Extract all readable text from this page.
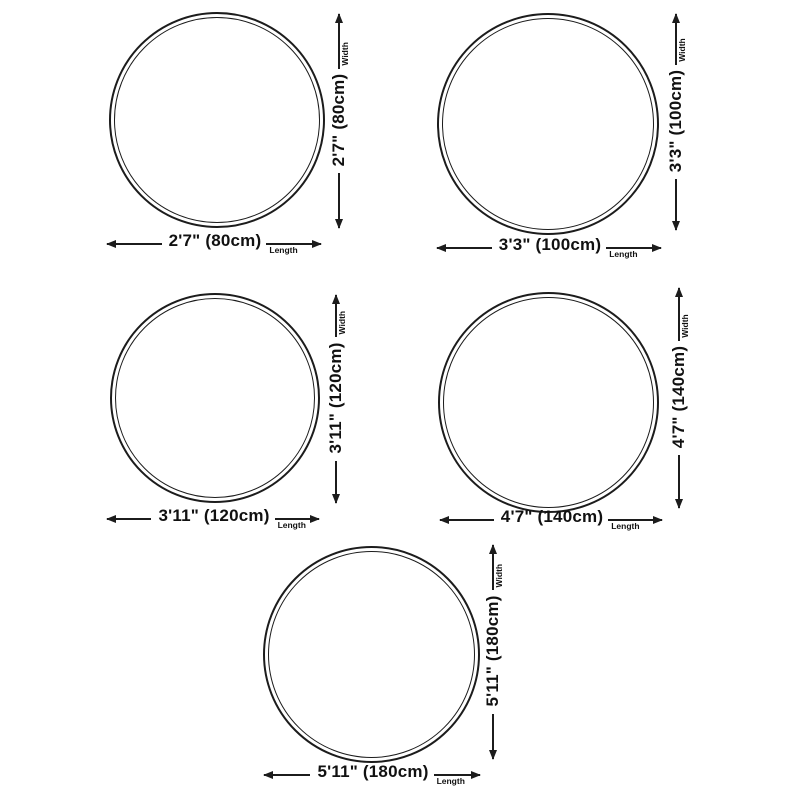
2'7" (80cm)
Width
2'7" (80cm) Length
3'3" (100cm)
Width
3'3" (100cm) Length
3'11" (120cm)
Width
3'11" (120cm) Length
4'7" (140cm)
Width
4'7" (140cm) Length
5'11" (180cm)
Width
5'11" (180cm) Length
